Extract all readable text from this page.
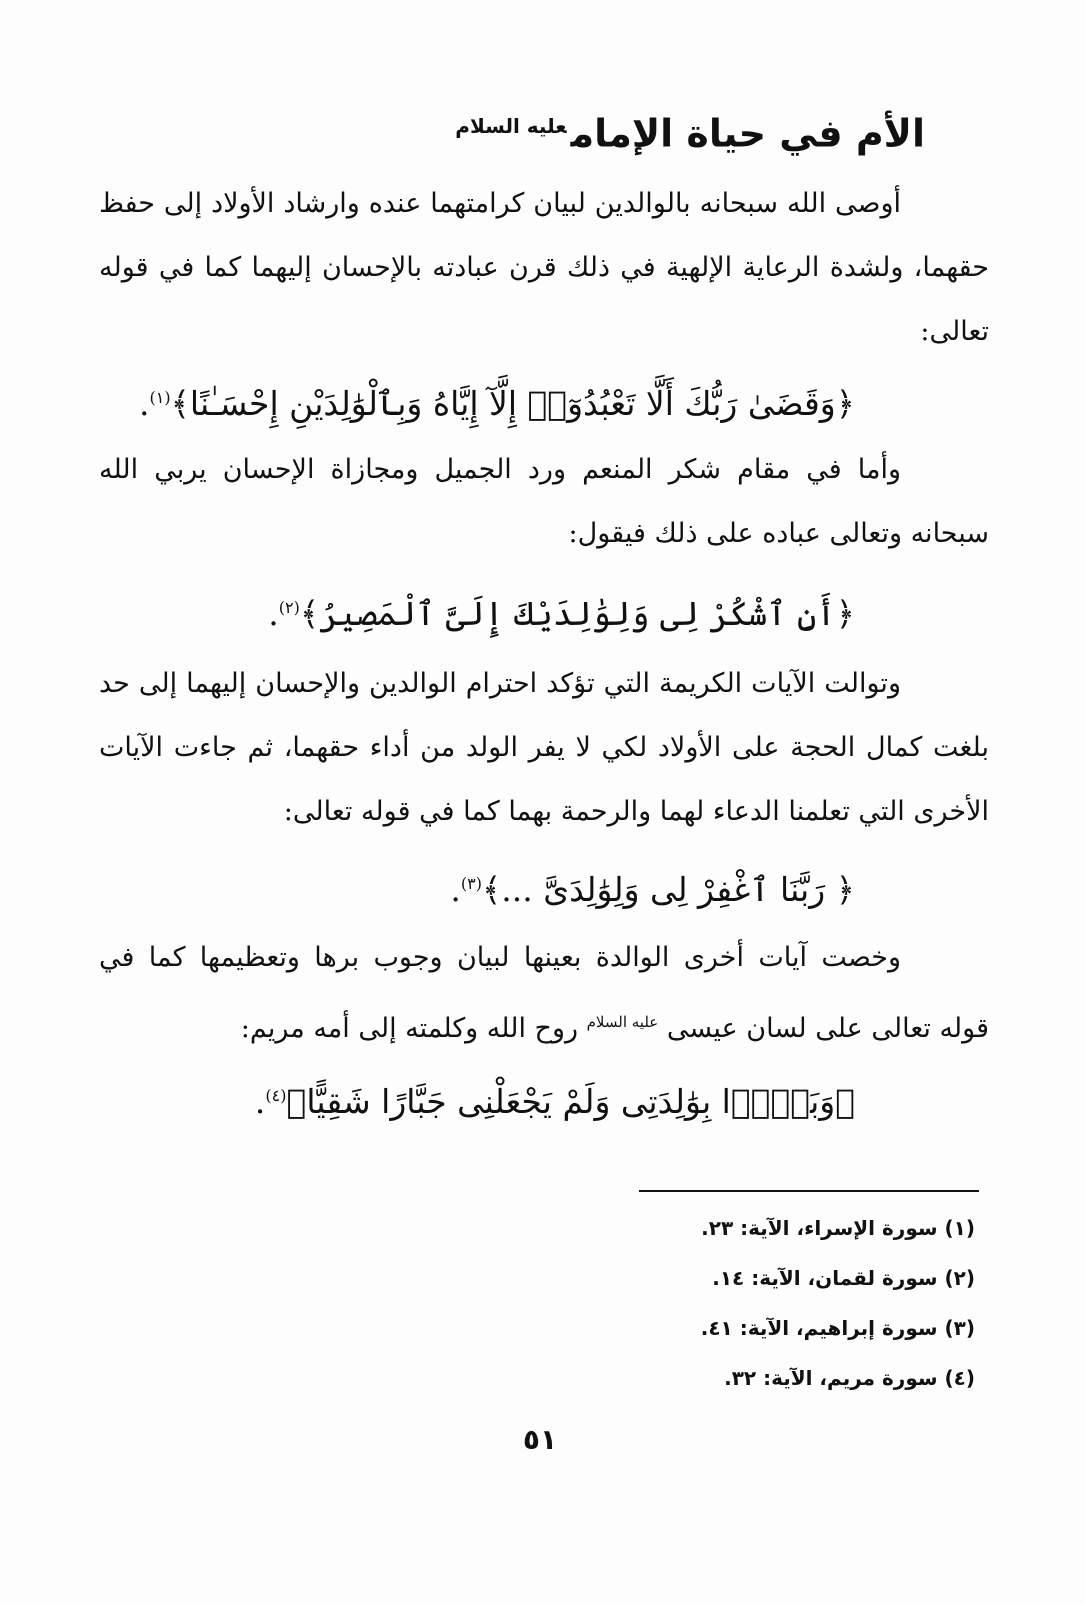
الأم في حياة الإمام$^{عليه السلام}$

أوصى الله سبحانه بالوالدين لبيان كرامتهما عنده وارشاد الأولاد إلى حفظ حقهما، ولشدة الرعاية الإلهية في ذلك قرن عبادته بالإحسان إليهما كما في قوله تعالى:

﴿وَقَضَىٰ رَبُّكَ أَلَّا تَعْبُدُوٓا۟ إِلَّآ إِيَّاهُ وَبِٱلْوَٰلِدَيْنِ إِحْسَـٰنًا﴾$^{(١)}$.

وأما في مقام شكر المنعم ورد الجميل ومجازاة الإحسان يربي الله سبحانه وتعالى عباده على ذلك فيقول:

﴿أَنِ ٱشْكُرْ لِى وَلِوَٰلِدَيْكَ إِلَىَّ ٱلْمَصِيرُ﴾$^{(٢)}$.

وتوالت الآيات الكريمة التي تؤكد احترام الوالدين والإحسان إليهما إلى حد بلغت كمال الحجة على الأولاد لكي لا يفر الولد من أداء حقهما، ثم جاءت الآيات الأخرى التي تعلمنا الدعاء لهما والرحمة بهما كما في قوله تعالى:

﴿ رَبَّنَا ٱغْفِرْ لِى وَلِوَٰلِدَىَّ ...﴾$^{(٣)}$.

وخصت آيات أخرى الوالدة بعينها لبيان وجوب برها وتعظيمها كما في قوله تعالى على لسان عيسى $^{عليه السلام}$ روح الله وكلمته إلى أمه مريم:

﴿وَبَرًّۢا بِوَٰلِدَتِى وَلَمْ يَجْعَلْنِى جَبَّارًا شَقِيًّا﴾$^{(٤)}$.
(١) سورة الإسراء، الآية: ٢٣.
(٢) سورة لقمان، الآية: ١٤.
(٣) سورة إبراهيم، الآية: ٤١.
(٤) سورة مريم، الآية: ٣٢.
٥١
